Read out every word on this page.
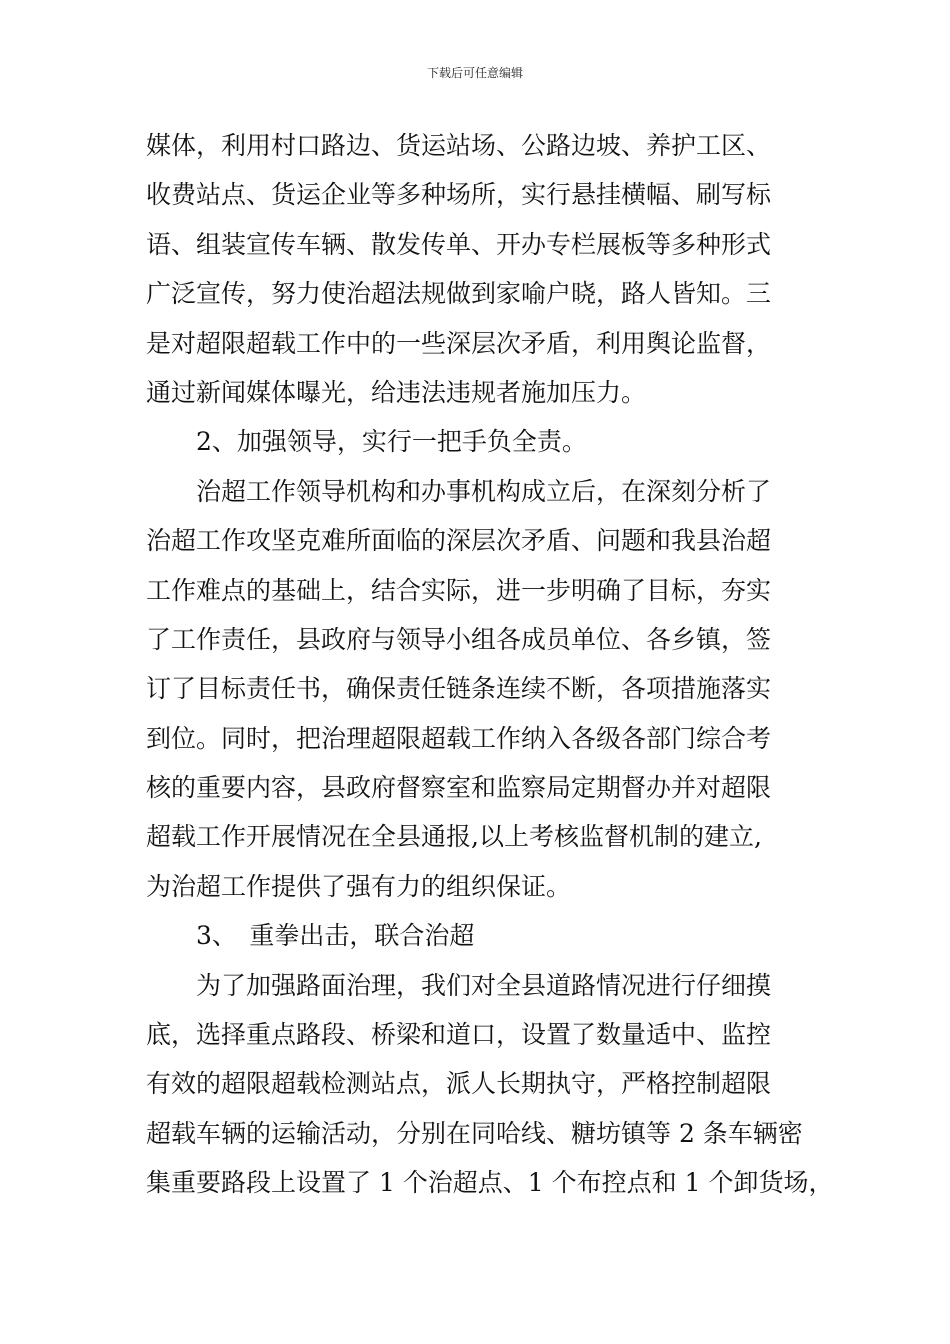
下载后可任意编辑
媒体，利用村口路边、货运站场、公路边坡、养护工区、
收费站点、货运企业等多种场所，实行悬挂横幅、刷写标
语、组装宣传车辆、散发传单、开办专栏展板等多种形式
广泛宣传，努力使治超法规做到家喻户晓，路人皆知。三
是对超限超载工作中的一些深层次矛盾，利用舆论监督，
通过新闻媒体曝光，给违法违规者施加压力。
　　2、加强领导，实行一把手负全责。
　　治超工作领导机构和办事机构成立后，在深刻分析了
治超工作攻坚克难所面临的深层次矛盾、问题和我县治超
工作难点的基础上，结合实际，进一步明确了目标，夯实
了工作责任，县政府与领导小组各成员单位、各乡镇，签
订了目标责任书，确保责任链条连续不断，各项措施落实
到位。同时，把治理超限超载工作纳入各级各部门综合考
核的重要内容，县政府督察室和监察局定期督办并对超限
超载工作开展情况在全县通报,以上考核监督机制的建立,
为治超工作提供了强有力的组织保证。
　　3、　重拳出击，联合治超
　　为了加强路面治理，我们对全县道路情况进行仔细摸
底，选择重点路段、桥梁和道口，设置了数量适中、监控
有效的超限超载检测站点，派人长期执守，严格控制超限
超载车辆的运输活动，分别在同哈线、糖坊镇等 2 条车辆密
集重要路段上设置了 1 个治超点、1 个布控点和 1 个卸货场，
